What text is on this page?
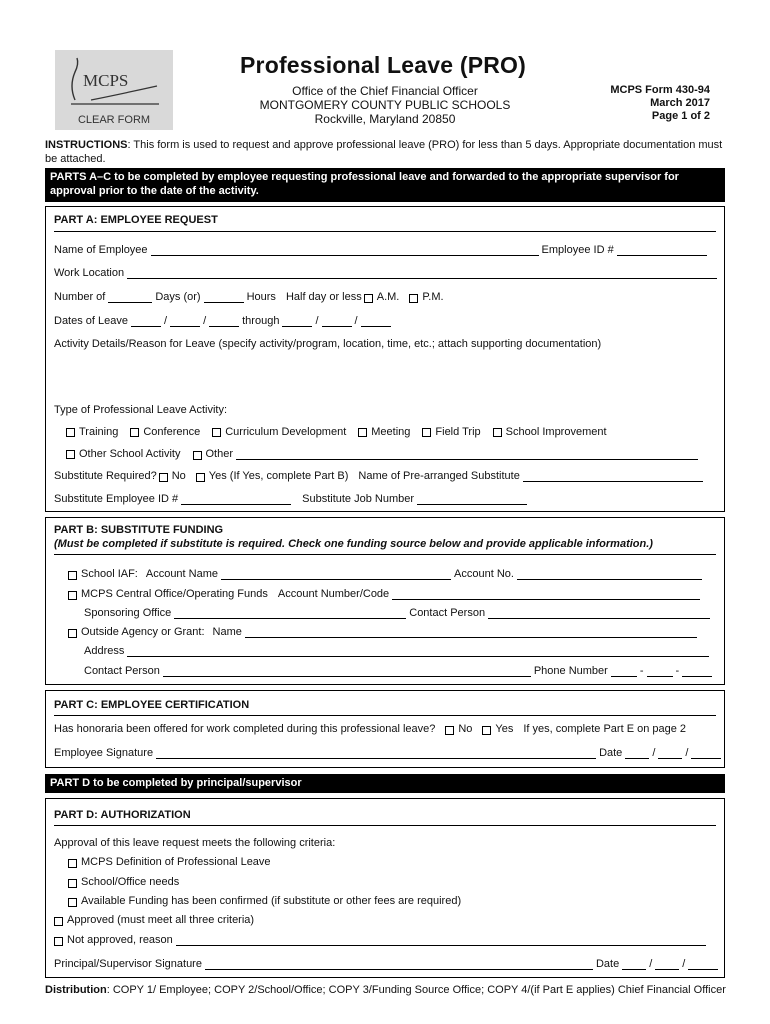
MCPS
CLEAR FORM
Professional Leave (PRO)
Office of the Chief Financial Officer
MONTGOMERY COUNTY PUBLIC SCHOOLS
Rockville, Maryland 20850
MCPS Form 430-94
March 2017
Page 1 of 2
INSTRUCTIONS: This form is used to request and approve professional leave (PRO) for less than 5 days. Appropriate documentation must be attached.
PARTS A–C to be completed by employee requesting professional leave and forwarded to the appropriate supervisor for approval prior to the date of the activity.
PART A: EMPLOYEE REQUEST
Name of Employee	Employee ID #
Work Location
Number of	Days (or)	Hours Half day or less A.M. P.M.
Dates of Leave	/	/	through	/	/
Activity Details/Reason for Leave (specify activity/program, location, time, etc.; attach supporting documentation)
Type of Professional Leave Activity:
Training Conference Curriculum Development Meeting Field Trip School Improvement
Other School Activity Other
Substitute Required? No Yes (If Yes, complete Part B) Name of Pre-arranged Substitute
Substitute Employee ID #	Substitute Job Number
PART B: SUBSTITUTE FUNDING
(Must be completed if substitute is required. Check one funding source below and provide applicable information.)
School IAF: Account Name	Account No.
MCPS Central Office/Operating Funds Account Number/Code
Sponsoring Office	Contact Person
Outside Agency or Grant: Name
Address
Contact Person	Phone Number	-	-
PART C: EMPLOYEE CERTIFICATION
Has honoraria been offered for work completed during this professional leave? No Yes If yes, complete Part E on page 2
Employee Signature	Date	/	/
PART D to be completed by principal/supervisor
PART D: AUTHORIZATION
Approval of this leave request meets the following criteria:
MCPS Definition of Professional Leave
School/Office needs
Available Funding has been confirmed (if substitute or other fees are required)
Approved (must meet all three criteria)
Not approved, reason
Principal/Supervisor Signature	Date	/	/
Distribution: COPY 1/ Employee; COPY 2/School/Office; COPY 3/Funding Source Office; COPY 4/(if Part E applies) Chief Financial Officer
